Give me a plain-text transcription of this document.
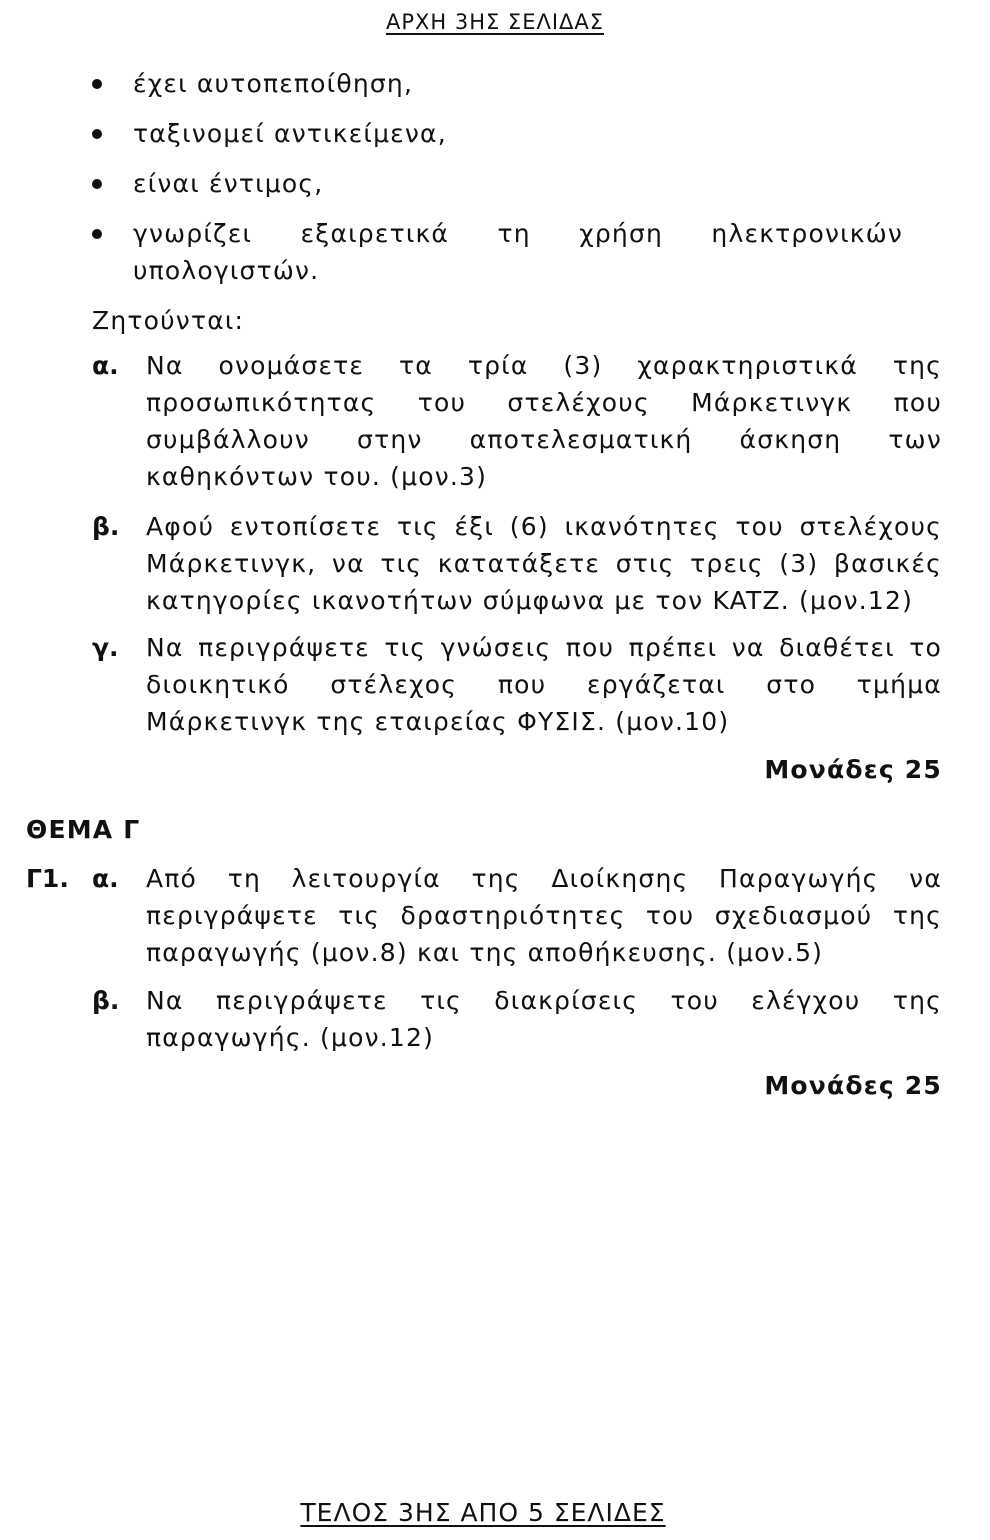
ΑΡΧΗ 3ΗΣ ΣΕΛΙΔΑΣ
έχει αυτοπεποίθηση,
ταξινομεί αντικείμενα,
είναι έντιμος,
γνωρίζει εξαιρετικά τη χρήση ηλεκτρονικών υπολογιστών.
Ζητούνται:
α. Να ονομάσετε τα τρία (3) χαρακτηριστικά της προσωπικότητας του στελέχους Μάρκετινγκ που συμβάλλουν στην αποτελεσματική άσκηση των καθηκόντων του. (μον.3)
β. Αφού εντοπίσετε τις έξι (6) ικανότητες του στελέχους Μάρκετινγκ, να τις κατατάξετε στις τρεις (3) βασικές κατηγορίες ικανοτήτων σύμφωνα με τον KATZ. (μον.12)
γ. Να περιγράψετε τις γνώσεις που πρέπει να διαθέτει το διοικητικό στέλεχος που εργάζεται στο τμήμα Μάρκετινγκ της εταιρείας ΦΥΣΙΣ. (μον.10)
Μονάδες 25
ΘΕΜΑ Γ
Γ1. α. Από τη λειτουργία της Διοίκησης Παραγωγής να περιγράψετε τις δραστηριότητες του σχεδιασμού της παραγωγής (μον.8) και της αποθήκευσης. (μον.5)
β. Να περιγράψετε τις διακρίσεις του ελέγχου της παραγωγής. (μον.12)
Μονάδες 25
ΤΕΛΟΣ 3ΗΣ ΑΠΟ 5 ΣΕΛΙΔΕΣ
